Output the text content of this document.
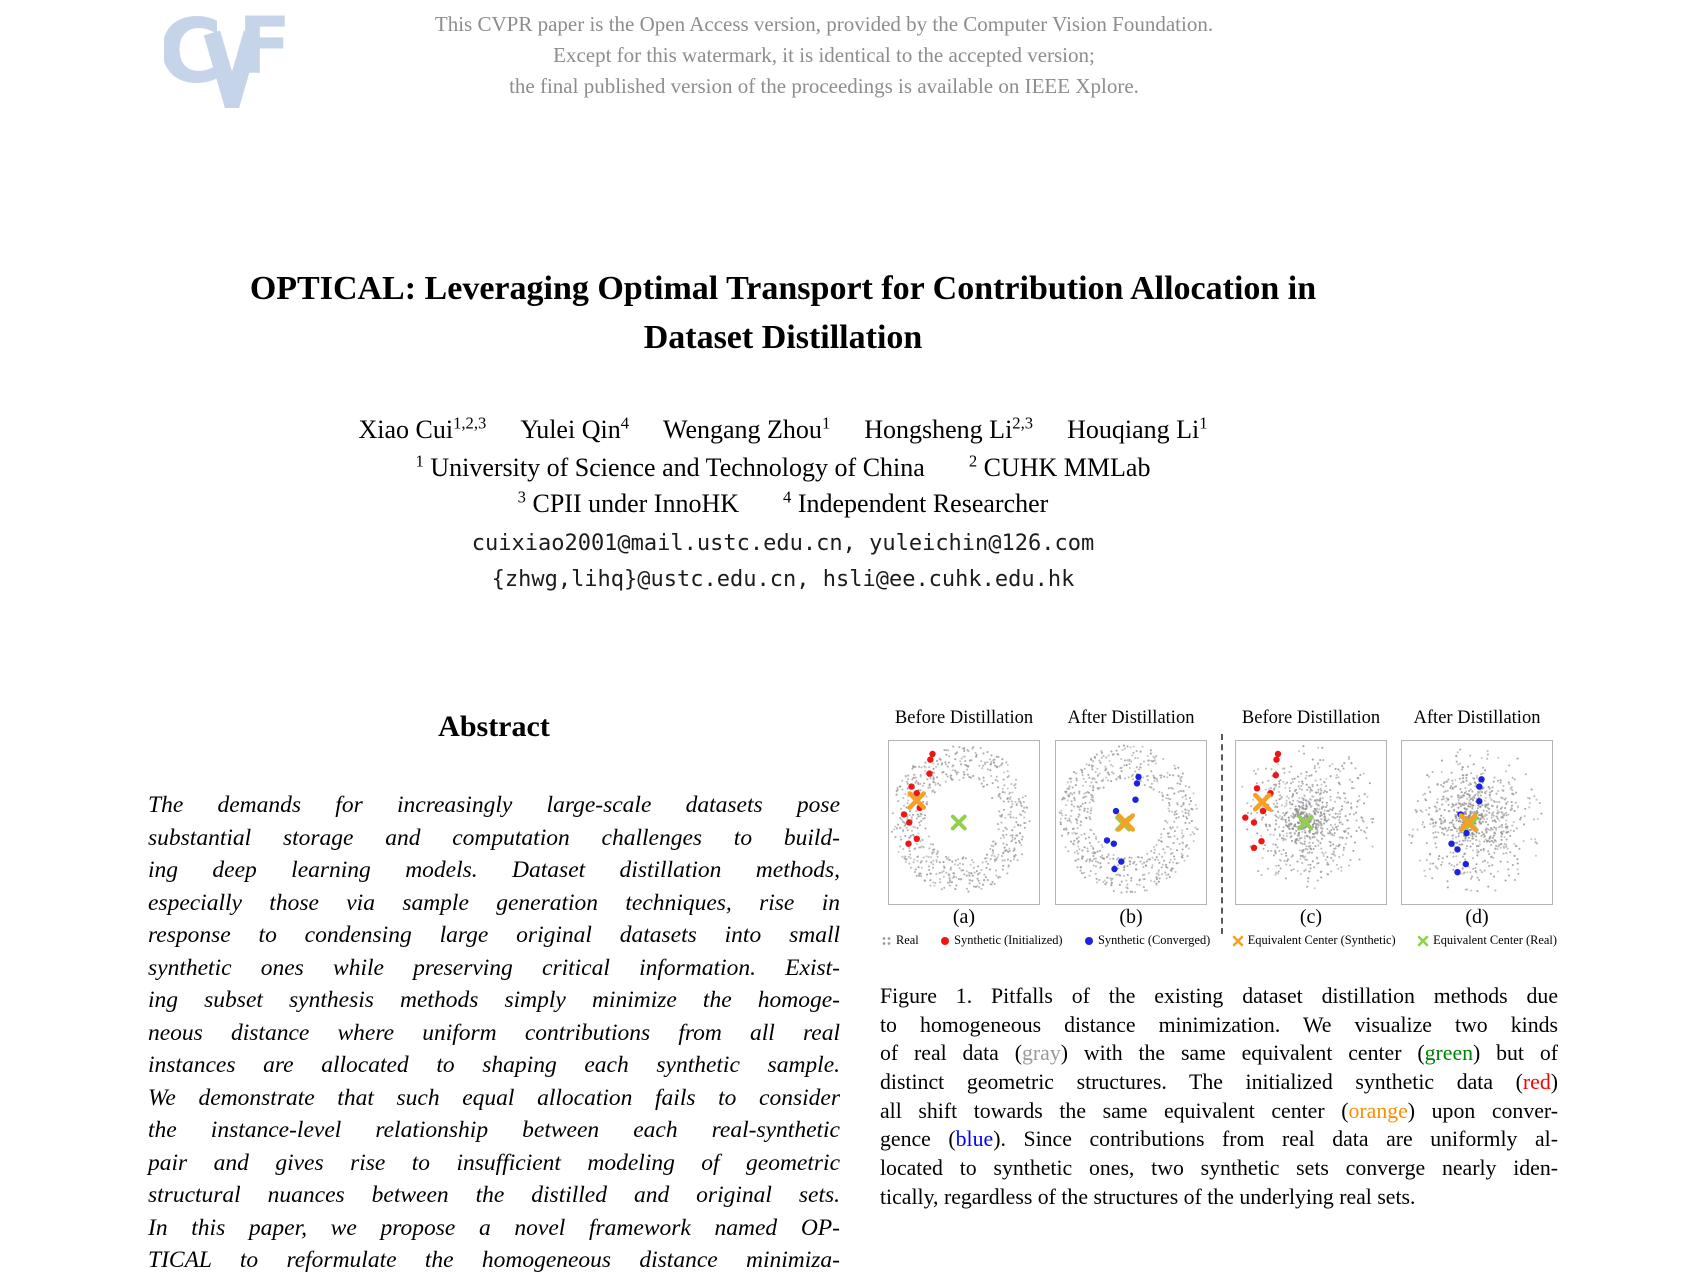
C F	This CVPR paper is the Open Access version, provided by the Computer Vision Foundation.
Except for this watermark, it is identical to the accepted version;
the final published version of the proceedings is available on IEEE Xplore.
OPTICAL: Leveraging Optimal Transport for Contribution Allocation in
Dataset Distillation
Xiao Cui$^{1,2,3}$ Yulei Qin$^4$ Wengang Zhou$^1$ Hongsheng Li$^{2,3}$ Houqiang Li$^1$
$^1$ University of Science and Technology of China	$^2$ CUHK MMLab
$^3$ CPII under InnoHK	$^4$ Independent Researcher
cuixiao2001@mail.ustc.edu.cn, yuleichin@126.com
{zhwg,lihq}@ustc.edu.cn, hsli@ee.cuhk.edu.hk
Abstract
The demands for increasingly large-scale datasets pose
substantial storage and computation challenges to build-
ing deep learning models. Dataset distillation methods,
especially those via sample generation techniques, rise in
response to condensing large original datasets into small
synthetic ones while preserving critical information. Exist-
ing subset synthesis methods simply minimize the homoge-
neous distance where uniform contributions from all real
instances are allocated to shaping each synthetic sample.
We demonstrate that such equal allocation fails to consider
the instance-level relationship between each real-synthetic
pair and gives rise to insufficient modeling of geometric
structural nuances between the distilled and original sets.
In this paper, we propose a novel framework named OP-
TICAL to reformulate the homogeneous distance minimiza-
Before Distillation	After Distillation	Before Distillation	After Distillation
(a)	(b)	(c)	(d)
Real	Synthetic (Initialized)	Synthetic (Converged)	Equivalent Center (Synthetic)	Equivalent Center (Real)
Figure 1. Pitfalls of the existing dataset distillation methods due
to homogeneous distance minimization. We visualize two kinds
of real data (gray) with the same equivalent center (green) but of
distinct geometric structures. The initialized synthetic data (red)
all shift towards the same equivalent center (orange) upon conver-
gence (blue). Since contributions from real data are uniformly al-
located to synthetic ones, two synthetic sets converge nearly iden-
tically, regardless of the structures of the underlying real sets.
